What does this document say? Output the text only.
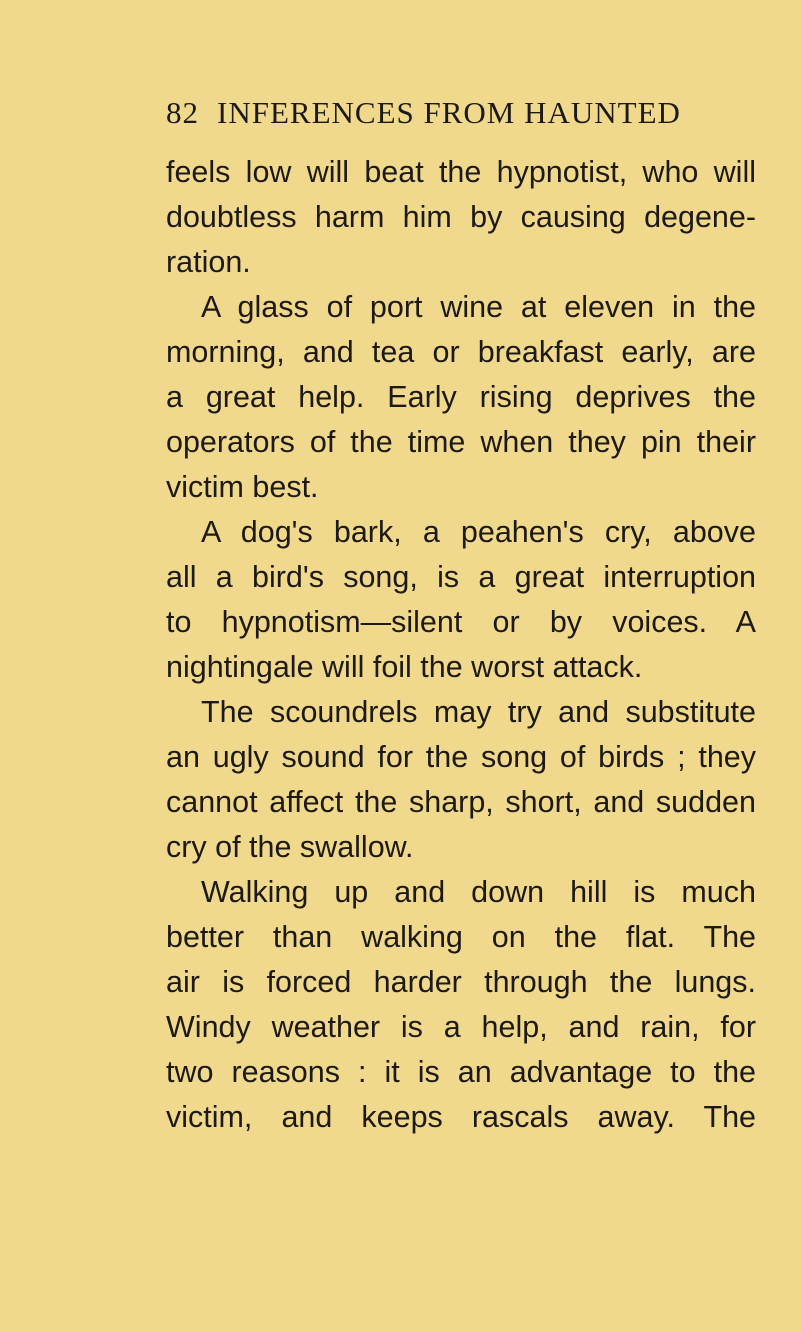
82 INFERENCES FROM HAUNTED
feels low will beat the hypnotist, who will
doubtless harm him by causing degene-
ration.
A glass of port wine at eleven in the
morning, and tea or breakfast early, are
a great help. Early rising deprives the
operators of the time when they pin their
victim best.
A dog's bark, a peahen's cry, above
all a bird's song, is a great interruption
to hypnotism—silent or by voices. A
nightingale will foil the worst attack.
The scoundrels may try and substitute
an ugly sound for the song of birds ; they
cannot affect the sharp, short, and sudden
cry of the swallow.
Walking up and down hill is much
better than walking on the flat. The
air is forced harder through the lungs.
Windy weather is a help, and rain, for
two reasons : it is an advantage to the
victim, and keeps rascals away. The
